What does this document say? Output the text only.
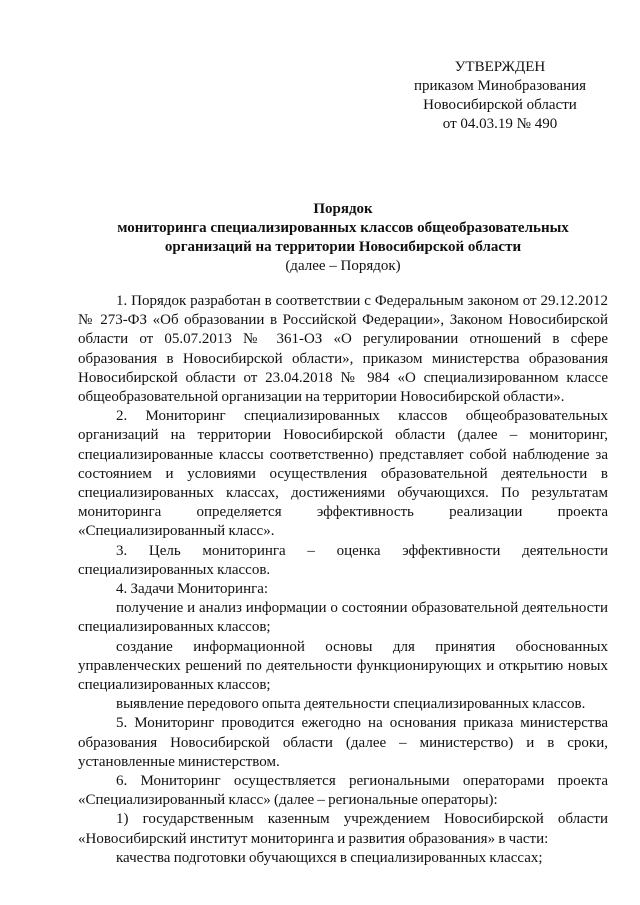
УТВЕРЖДЕН
приказом Минобразования
Новосибирской области
от 04.03.19 № 490
Порядок
мониторинга специализированных классов общеобразовательных
организаций на территории Новосибирской области
(далее – Порядок)

1. Порядок разработан в соответствии с Федеральным законом от 29.12.2012 № 273-ФЗ «Об образовании в Российской Федерации», Законом Новосибирской области от 05.07.2013 № 361-ОЗ «О регулировании отношений в сфере образования в Новосибирской области», приказом министерства образования Новосибирской области от 23.04.2018 № 984 «О специализированном классе общеобразовательной организации на территории Новосибирской области».

2. Мониторинг специализированных классов общеобразовательных организаций на территории Новосибирской области (далее – мониторинг, специализированные классы соответственно) представляет собой наблюдение за состоянием и условиями осуществления образовательной деятельности в специализированных классах, достижениями обучающихся. По результатам мониторинга определяется эффективность реализации проекта «Специализированный класс».

3. Цель мониторинга – оценка эффективности деятельности специализированных классов.

4. Задачи Мониторинга:

получение и анализ информации о состоянии образовательной деятельности специализированных классов;

создание информационной основы для принятия обоснованных управленческих решений по деятельности функционирующих и открытию новых специализированных классов;

выявление передового опыта деятельности специализированных классов.

5. Мониторинг проводится ежегодно на основания приказа министерства образования Новосибирской области (далее – министерство) и в сроки, установленные министерством.

6. Мониторинг осуществляется региональными операторами проекта «Специализированный класс» (далее – региональные операторы):

1) государственным казенным учреждением Новосибирской области «Новосибирский институт мониторинга и развития образования» в части:

качества подготовки обучающихся в специализированных классах;
